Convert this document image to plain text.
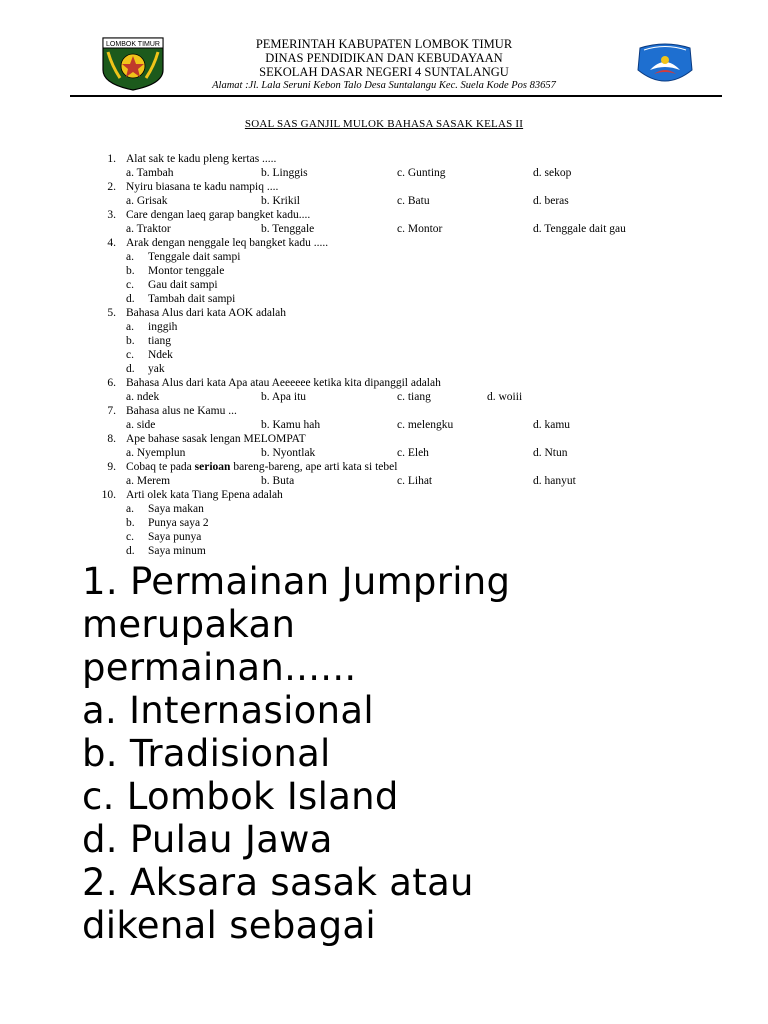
LOMBOK TIMUR	PEMERINTAH KABUPATEN LOMBOK TIMUR
DINAS PENDIDIKAN DAN KEBUDAYAAN
SEKOLAH DASAR NEGERI 4 SUNTALANGU
Alamat :Jl. Lala Seruni Kebon Talo Desa Suntalangu Kec. Suela Kode Pos 83657
SOAL SAS GANJIL MULOK BAHASA SASAK KELAS II
1. Alat sak te kadu pleng kertas .....
a. Tambah	b. Linggis	c. Gunting	d. sekop
2. Nyiru biasana te kadu nampiq ....
a. Grisak	b. Krikil	c. Batu	d. beras
3. Care dengan laeq garap bangket kadu....
a. Traktor	b. Tenggale	c. Montor	d. Tenggale dait gau
4. Arak dengan nenggale leq bangket kadu .....
a. Tenggale dait sampi
b. Montor tenggale
c. Gau dait sampi
d. Tambah dait sampi
5. Bahasa Alus dari kata AOK adalah
a. inggih
b. tiang
c. Ndek
d. yak
6. Bahasa Alus dari kata Apa atau Aeeeeee ketika kita dipanggil adalah
a. ndek	b. Apa itu	c. tiang	d. woiii
7. Bahasa alus ne Kamu ...
a. side	b. Kamu hah	c. melengku	d. kamu
8. Ape bahase sasak lengan MELOMPAT
a. Nyemplun	b. Nyontlak	c. Eleh	d. Ntun
9. Cobaq te pada serioan bareng-bareng, ape arti kata si tebel
a. Merem	b. Buta	c. Lihat	d. hanyut
10. Arti olek kata Tiang Epena adalah
a. Saya makan
b. Punya saya 2
c. Saya punya
d. Saya minum
1. Permainan Jumpring
merupakan
permainan......
a. Internasional
b. Tradisional
c. Lombok Island
d. Pulau Jawa
2. Aksara sasak atau
dikenal sebagai
